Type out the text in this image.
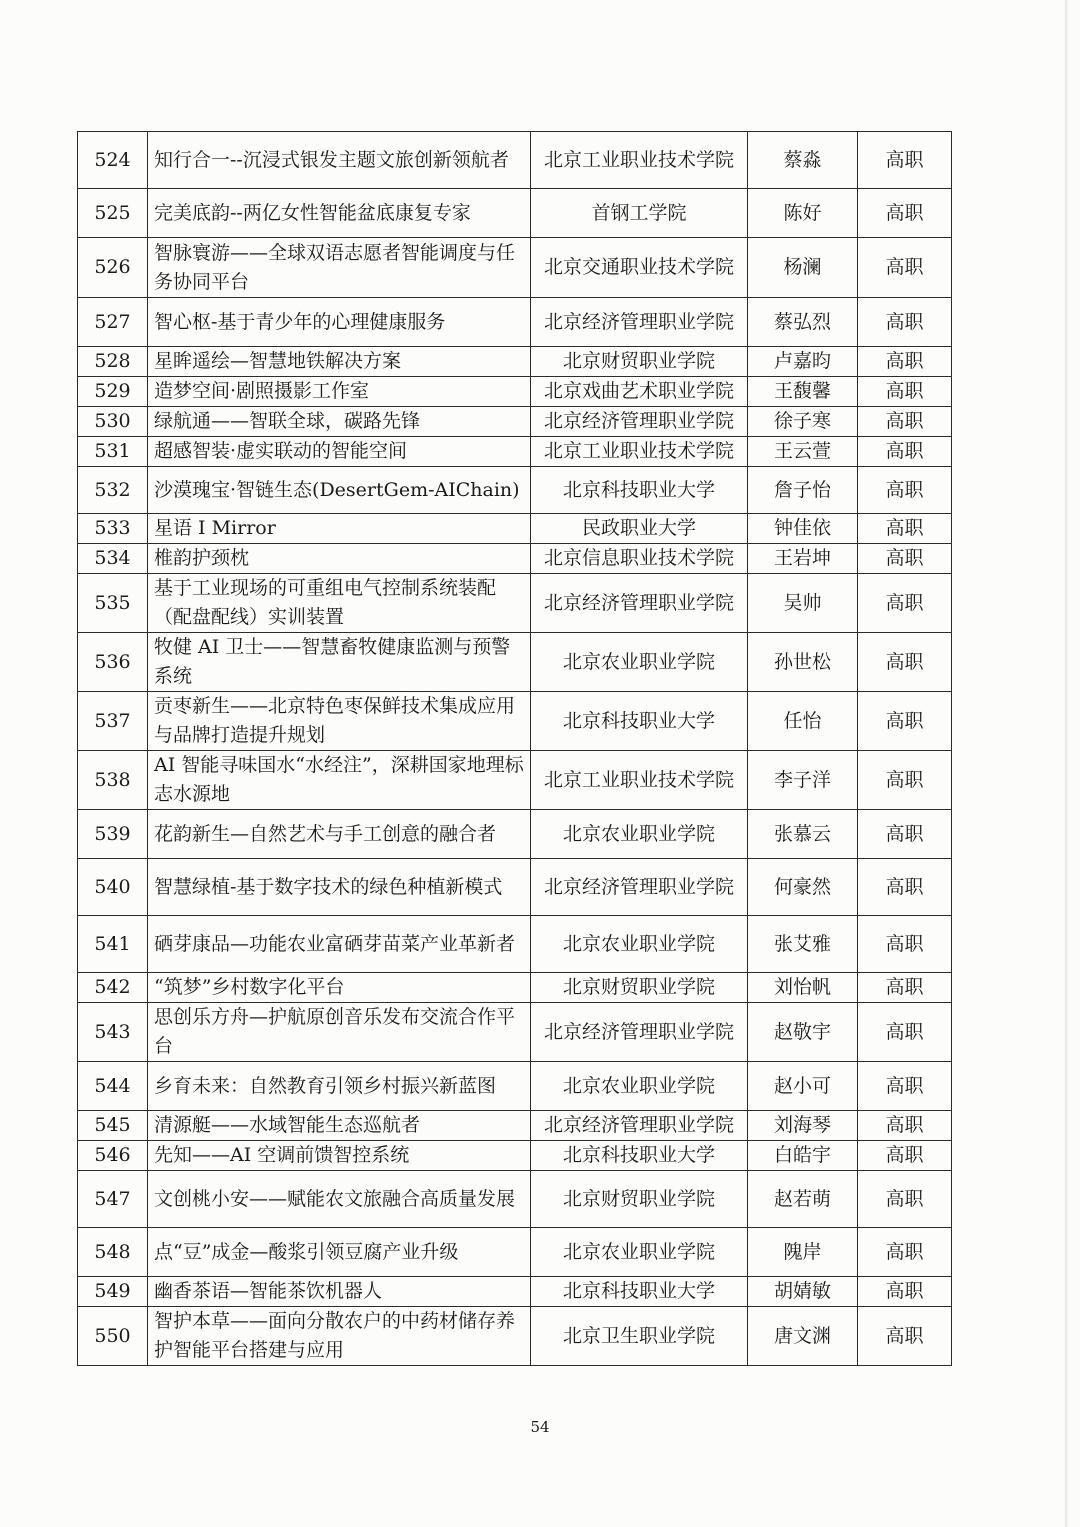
524	知行合一--沉浸式银发主题文旅创新领航者	北京工业职业技术学院	蔡淼	高职
525	完美底韵--两亿女性智能盆底康复专家	首钢工学院	陈好	高职
526	智脉寰游——全球双语志愿者智能调度与任务协同平台	北京交通职业技术学院	杨澜	高职
527	智心枢-基于青少年的心理健康服务	北京经济管理职业学院	蔡弘烈	高职
528	星眸遥绘—智慧地铁解决方案	北京财贸职业学院	卢嘉昀	高职
529	造梦空间·剧照摄影工作室	北京戏曲艺术职业学院	王馥馨	高职
530	绿航通——智联全球，碳路先锋	北京经济管理职业学院	徐子寒	高职
531	超感智装·虚实联动的智能空间	北京工业职业技术学院	王云萱	高职
532	沙漠瑰宝·智链生态(DesertGem-AIChain)	北京科技职业大学	詹子怡	高职
533	星语 I Mirror	民政职业大学	钟佳依	高职
534	椎韵护颈枕	北京信息职业技术学院	王岩坤	高职
535	基于工业现场的可重组电气控制系统装配（配盘配线）实训装置	北京经济管理职业学院	吴帅	高职
536	牧健 AI 卫士——智慧畜牧健康监测与预警系统	北京农业职业学院	孙世松	高职
537	贡枣新生——北京特色枣保鲜技术集成应用与品牌打造提升规划	北京科技职业大学	任怡	高职
538	AI 智能寻味国水“水经注”，深耕国家地理标志水源地	北京工业职业技术学院	李子洋	高职
539	花韵新生—自然艺术与手工创意的融合者	北京农业职业学院	张慕云	高职
540	智慧绿植-基于数字技术的绿色种植新模式	北京经济管理职业学院	何豪然	高职
541	硒芽康品—功能农业富硒芽苗菜产业革新者	北京农业职业学院	张艾雅	高职
542	“筑梦”乡村数字化平台	北京财贸职业学院	刘怡帆	高职
543	思创乐方舟—护航原创音乐发布交流合作平台	北京经济管理职业学院	赵敬宇	高职
544	乡育未来：自然教育引领乡村振兴新蓝图	北京农业职业学院	赵小可	高职
545	清源艇——水域智能生态巡航者	北京经济管理职业学院	刘海琴	高职
546	先知——AI 空调前馈智控系统	北京科技职业大学	白皓宇	高职
547	文创桃小安——赋能农文旅融合高质量发展	北京财贸职业学院	赵若萌	高职
548	点“豆”成金—酸浆引领豆腐产业升级	北京农业职业学院	隗岸	高职
549	幽香茶语—智能茶饮机器人	北京科技职业大学	胡婧敏	高职
550	智护本草——面向分散农户的中药材储存养护智能平台搭建与应用	北京卫生职业学院	唐文渊	高职
54
